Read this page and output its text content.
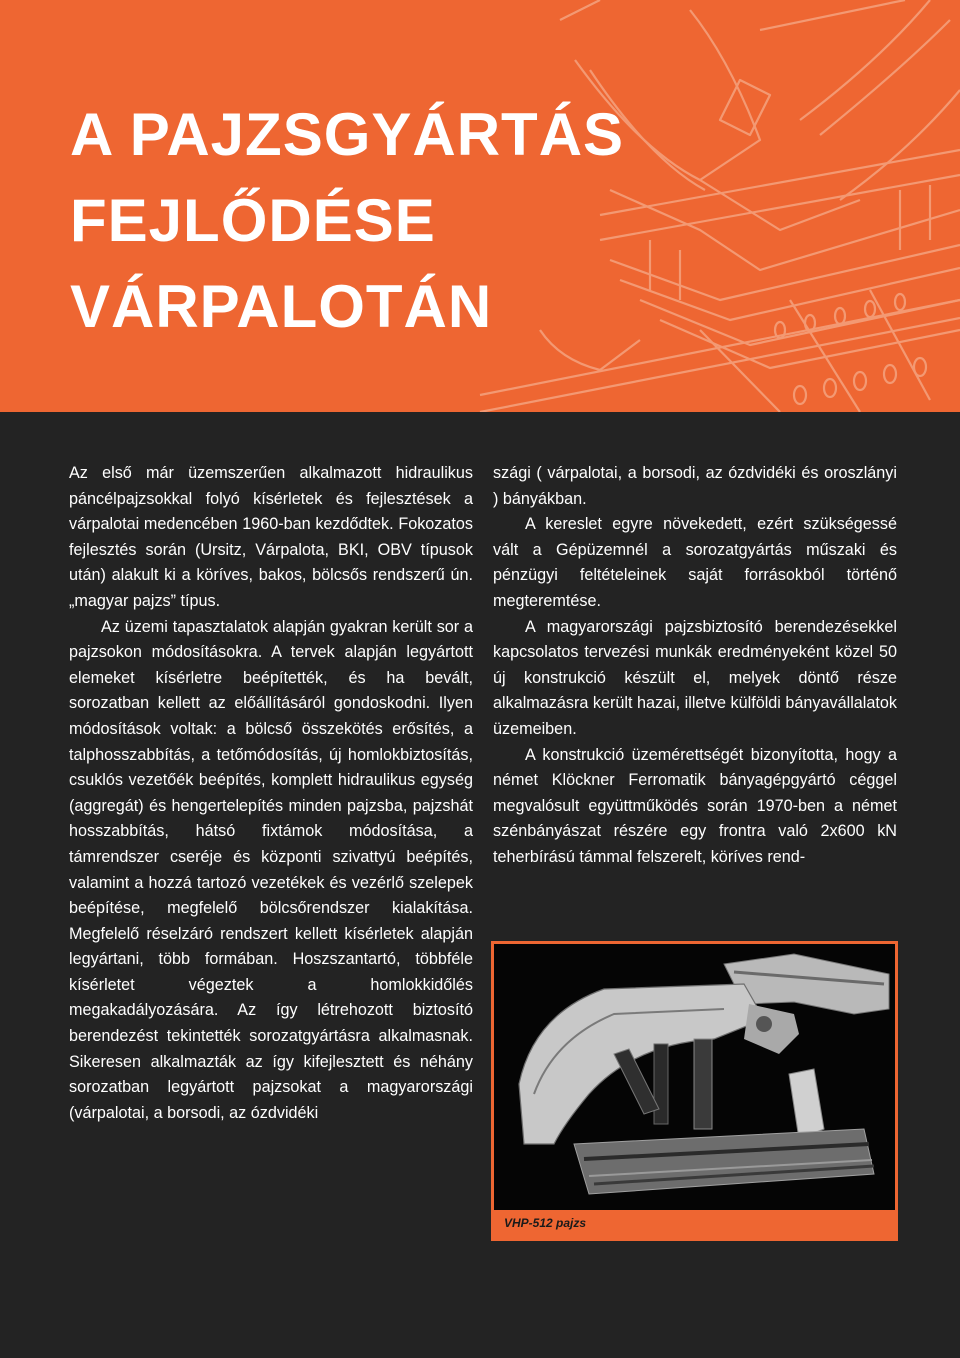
A PAJZSGYÁRTÁS
FEJLŐDÉSE
VÁRPALOTÁN

Az első már üzemszerűen alkalmazott hidraulikus páncélpajzsokkal folyó kísérletek és fejlesztések a várpalotai medencében 1960-ban kezdődtek. Fokozatos fejlesztés során (Ursitz, Várpalota, BKI, OBV típusok után) alakult ki a köríves, bakos, bölcsős rendszerű ún. „magyar pajzs” típus.

Az üzemi tapasztalatok alapján gyakran került sor a pajzsokon módosításokra. A tervek alapján legyártott elemeket kísérletre beépítették, és ha bevált, sorozatban kellett az előállításáról gondoskodni. Ilyen módosítások voltak: a bölcső összekötés erősítés, a talphosszabbítás, a tetőmódosítás, új homlokbiztosítás, csuklós vezetőék beépítés, komplett hidraulikus egység (aggregát) és hengertelepítés minden pajzsba, pajzshát hosszabbítás, hátsó fixtámok módosítása, a támrendszer cseréje és központi szivattyú beépítés, valamint a hozzá tartozó vezetékek és vezérlő szelepek beépítése, megfelelő bölcsőrendszer kialakítása. Megfelelő réselzáró rendszert kellett kísérletek alapján legyártani, több formában. Hoszszantartó, többféle kísérletet végeztek a homlokkidőlés megakadályozására. Az így létrehozott biztosító berendezést tekintették sorozatgyártásra alkalmasnak. Sikeresen alkalmazták az így kifejlesztett és néhány sorozatban legyártott pajzsokat a magyarországi (várpalotai, a borsodi, az ózdvidéki

szági ( várpalotai, a borsodi, az ózdvidéki és oroszlányi ) bányákban.

A kereslet egyre növekedett, ezért szükségessé vált a Gépüzemnél a sorozatgyártás műszaki és pénzügyi feltételeinek saját forrásokból történő megteremtése.

A magyarországi pajzsbiztosító berendezésekkel kapcsolatos tervezési munkák eredményeként közel 50 új konstrukció készült el, melyek döntő része alkalmazásra került hazai, illetve külföldi bányavállalatok üzemeiben.

A konstrukció üzemérettségét bizonyította, hogy a német Klöckner Ferromatik bányagépgyártó céggel megvalósult együttműködés során 1970-ben a német szénbányászat részére egy frontra való 2x600 kN teherbírású támmal felszerelt, köríves rend-

VHP-512 pajzs
